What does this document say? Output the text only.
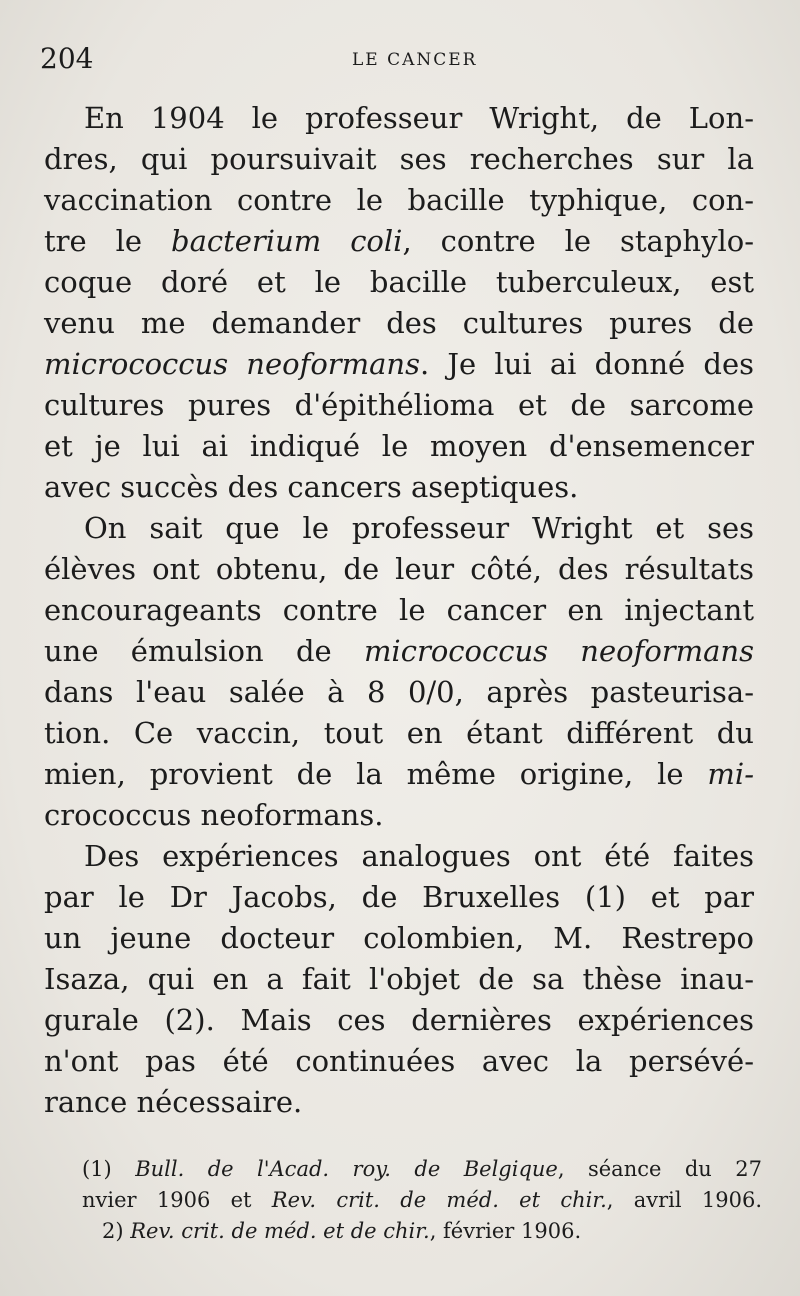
204	LE CANCER
En 1904 le professeur Wright, de Lon-
dres, qui poursuivait ses recherches sur la
vaccination contre le bacille typhique, con-
tre le bacterium coli, contre le staphylo-
coque doré et le bacille tuberculeux, est
venu me demander des cultures pures de
micrococcus neoformans. Je lui ai donné des
cultures pures d'épithélioma et de sarcome
et je lui ai indiqué le moyen d'ensemencer
avec succès des cancers aseptiques.
On sait que le professeur Wright et ses
élèves ont obtenu, de leur côté, des résultats
encourageants contre le cancer en injectant
une émulsion de micrococcus neoformans
dans l'eau salée à 8 0/0, après pasteurisa-
tion. Ce vaccin, tout en étant différent du
mien, provient de la même origine, le mi-
crococcus neoformans.
Des expériences analogues ont été faites
par le Dr Jacobs, de Bruxelles (1) et par
un jeune docteur colombien, M. Restrepo
Isaza, qui en a fait l'objet de sa thèse inau-
gurale (2). Mais ces dernières expériences
n'ont pas été continuées avec la persévé-
rance nécessaire.
(1) Bull. de l'Acad. roy. de Belgique, séance du 27
nvier 1906 et Rev. crit. de méd. et chir., avril 1906.
2) Rev. crit. de méd. et de chir., février 1906.
